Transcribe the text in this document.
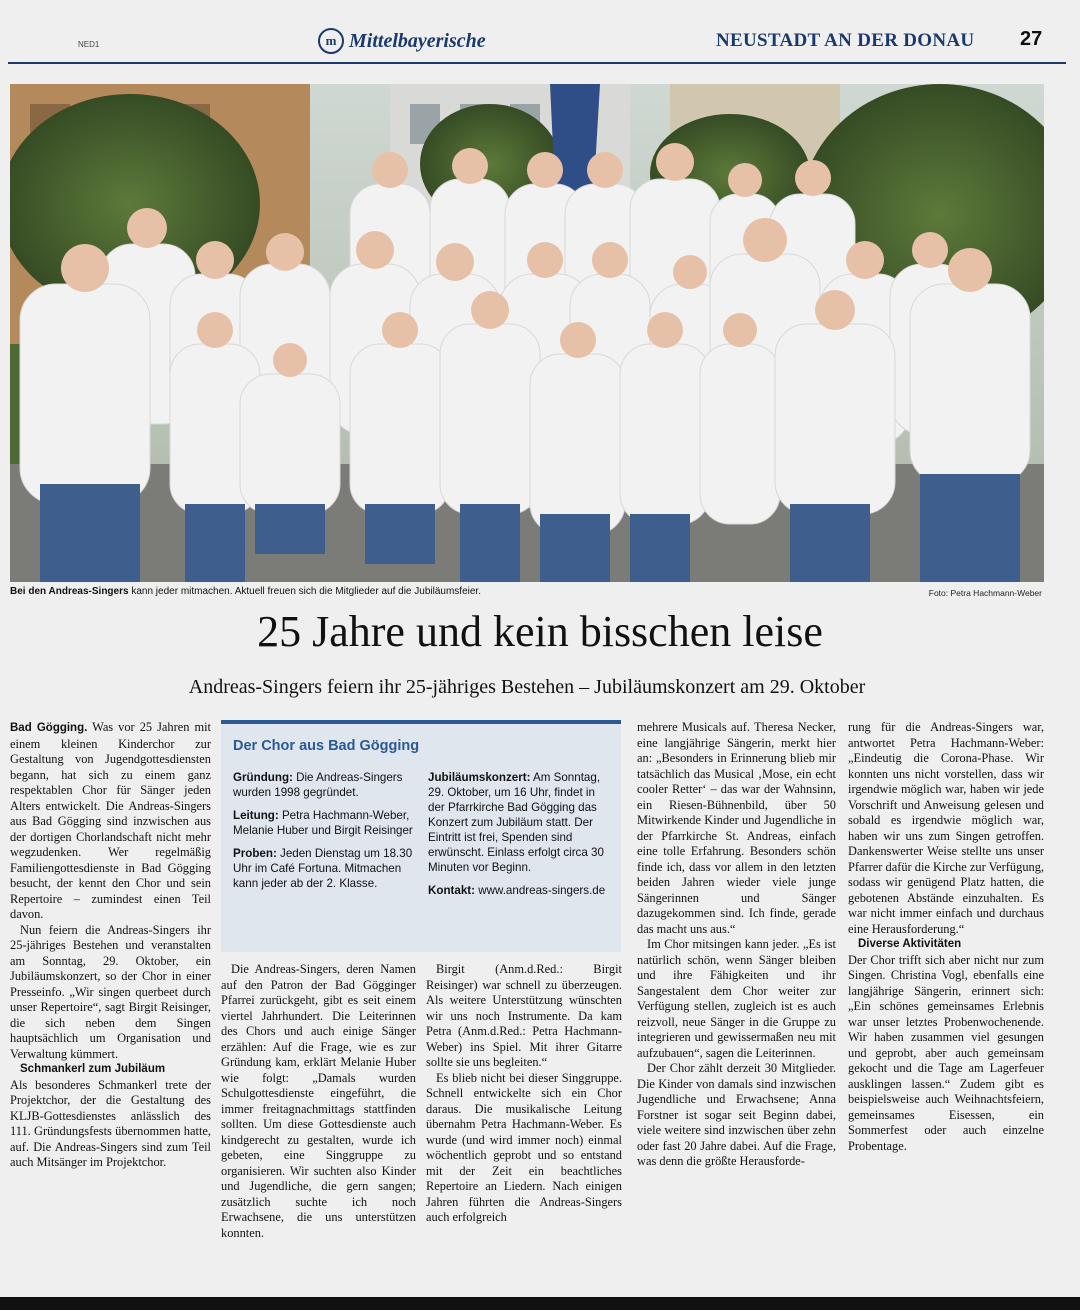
NED1	m Mittelbayerische	NEUSTADT AN DER DONAU 27
Bei den Andreas-Singers kann jeder mitmachen. Aktuell freuen sich die Mitglieder auf die Jubiläumsfeier.	Foto: Petra Hachmann-Weber
25 Jahre und kein bisschen leise
Andreas-Singers feiern ihr 25-jähriges Bestehen – Jubiläumskonzert am 29. Oktober

Bad Gögging. Was vor 25 Jahren mit einem kleinen Kinderchor zur Gestaltung von Jugendgottesdiensten begann, hat sich zu einem ganz respektablen Chor für Sänger jeden Alters entwickelt. Die Andreas-Singers aus Bad Gögging sind inzwischen aus der dortigen Chorlandschaft nicht mehr wegzudenken. Wer regelmäßig Familiengottesdienste in Bad Gögging besucht, der kennt den Chor und sein Repertoire – zumindest einen Teil davon.

Nun feiern die Andreas-Singers ihr 25-jähriges Bestehen und veranstalten am Sonntag, 29. Oktober, ein Jubiläumskonzert, so der Chor in einer Presseinfo. „Wir singen querbeet durch unser Repertoire“, sagt Birgit Reisinger, die sich neben dem Singen hauptsächlich um Organisation und Verwaltung kümmert.

Schmankerl zum Jubiläum

Als besonderes Schmankerl trete der Projektchor, der die Gestaltung des KLJB-Gottesdienstes anlässlich des 111. Gründungsfests übernommen hatte, auf. Die Andreas-Singers sind zum Teil auch Mitsänger im Projektchor.

Der Chor aus Bad Gögging

Gründung: Die Andreas-Singers wurden 1998 gegründet.

Leitung: Petra Hachmann-Weber, Melanie Huber und Birgit Reisinger

Proben: Jeden Dienstag um 18.30 Uhr im Café Fortuna. Mitmachen kann jeder ab der 2. Klasse.

Jubiläumskonzert: Am Sonntag, 29. Oktober, um 16 Uhr, findet in der Pfarrkirche Bad Gögging das Konzert zum Jubiläum statt. Der Eintritt ist frei, Spenden sind erwünscht. Einlass erfolgt circa 30 Minuten vor Beginn.

Kontakt: www.andreas-singers.de

Die Andreas-Singers, deren Namen auf den Patron der Bad Gögginger Pfarrei zurückgeht, gibt es seit einem viertel Jahrhundert. Die Leiterinnen des Chors und auch einige Sänger erzählen: Auf die Frage, wie es zur Gründung kam, erklärt Melanie Huber wie folgt: „Damals wurden Schulgottesdienste eingeführt, die immer freitagnachmittags stattfinden sollten. Um diese Gottesdienste auch kindgerecht zu gestalten, wurde ich gebeten, eine Singgruppe zu organisieren. Wir suchten also Kinder und Jugendliche, die gern sangen; zusätzlich suchte ich noch Erwachsene, die uns unterstützen konnten.

Birgit (Anm.d.Red.: Birgit Reisinger) war schnell zu überzeugen. Als weitere Unterstützung wünschten wir uns noch Instrumente. Da kam Petra (Anm.d.Red.: Petra Hachmann-Weber) ins Spiel. Mit ihrer Gitarre sollte sie uns begleiten.“

Es blieb nicht bei dieser Singgruppe. Schnell entwickelte sich ein Chor daraus. Die musikalische Leitung übernahm Petra Hachmann-Weber. Es wurde (und wird immer noch) einmal wöchentlich geprobt und so entstand mit der Zeit ein beachtliches Repertoire an Liedern. Nach einigen Jahren führten die Andreas-Singers auch erfolgreich

mehrere Musicals auf. Theresa Necker, eine langjährige Sängerin, merkt hier an: „Besonders in Erinnerung blieb mir tatsächlich das Musical ‚Mose, ein echt cooler Retter‘ – das war der Wahnsinn, ein Riesen-Bühnenbild, über 50 Mitwirkende Kinder und Jugendliche in der Pfarrkirche St. Andreas, einfach eine tolle Erfahrung. Besonders schön finde ich, dass vor allem in den letzten beiden Jahren wieder viele junge Sängerinnen und Sänger dazugekommen sind. Ich finde, gerade das macht uns aus.“

Im Chor mitsingen kann jeder. „Es ist natürlich schön, wenn Sänger bleiben und ihre Fähigkeiten und ihr Sangestalent dem Chor weiter zur Verfügung stellen, zugleich ist es auch reizvoll, neue Sänger in die Gruppe zu integrieren und gewissermaßen neu mit aufzubauen“, sagen die Leiterinnen.

Der Chor zählt derzeit 30 Mitglieder. Die Kinder von damals sind inzwischen Jugendliche und Erwachsene; Anna Forstner ist sogar seit Beginn dabei, viele weitere sind inzwischen über zehn oder fast 20 Jahre dabei. Auf die Frage, was denn die größte Herausforde-

rung für die Andreas-Singers war, antwortet Petra Hachmann-Weber: „Eindeutig die Corona-Phase. Wir konnten uns nicht vorstellen, dass wir irgendwie möglich war, haben wir jede Vorschrift und Anweisung gelesen und sobald es irgendwie möglich war, haben wir uns zum Singen getroffen. Dankenswerter Weise stellte uns unser Pfarrer dafür die Kirche zur Verfügung, sodass wir genügend Platz hatten, die gebotenen Abstände einzuhalten. Es war nicht immer einfach und durchaus eine Herausforderung.“

Diverse Aktivitäten

Der Chor trifft sich aber nicht nur zum Singen. Christina Vogl, ebenfalls eine langjährige Sängerin, erinnert sich: „Ein schönes gemeinsames Erlebnis war unser letztes Probenwochenende. Wir haben zusammen viel gesungen und geprobt, aber auch gemeinsam gekocht und die Tage am Lagerfeuer ausklingen lassen.“ Zudem gibt es beispielsweise auch Weihnachtsfeiern, gemeinsames Eisessen, ein Sommerfest oder auch einzelne Probentage.
